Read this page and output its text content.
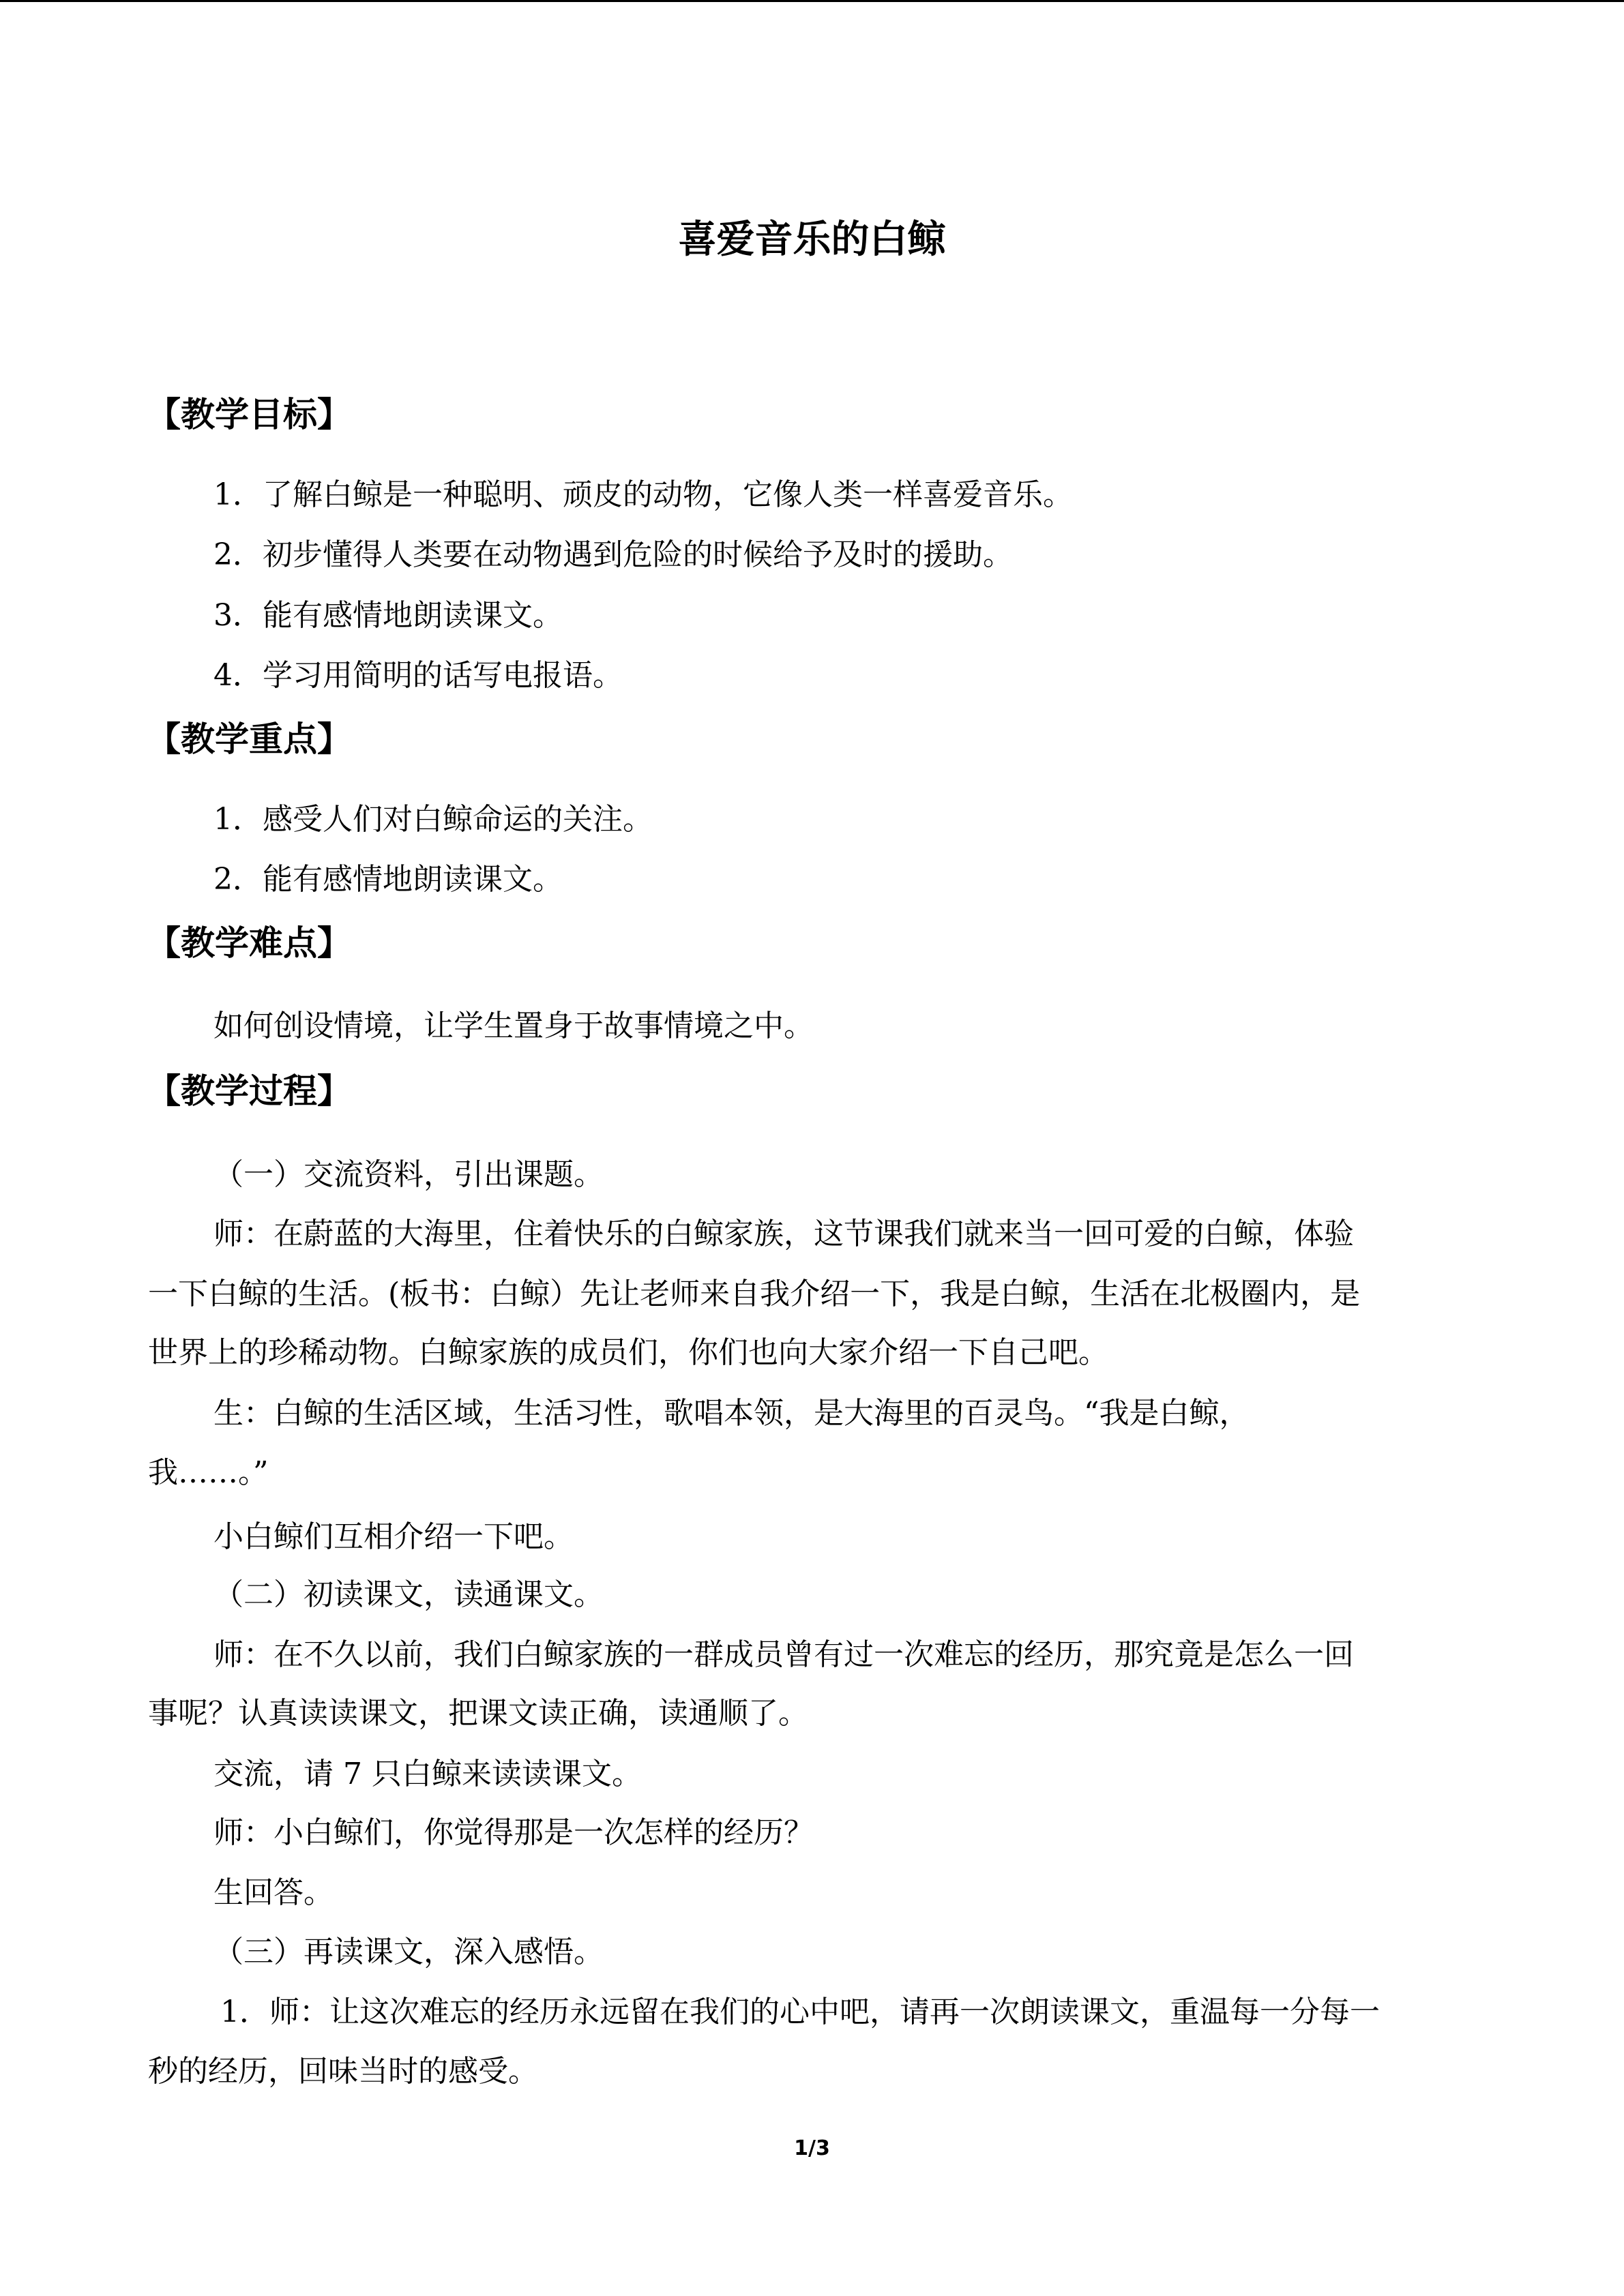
喜爱音乐的白鲸
【教学目标】

1．了解白鲸是一种聪明、顽皮的动物，它像人类一样喜爱音乐。

2．初步懂得人类要在动物遇到危险的时候给予及时的援助。

3．能有感情地朗读课文。

4．学习用简明的话写电报语。

【教学重点】

1．感受人们对白鲸命运的关注。

2．能有感情地朗读课文。

【教学难点】

如何创设情境，让学生置身于故事情境之中。

【教学过程】

（一）交流资料，引出课题。

师：在蔚蓝的大海里，住着快乐的白鲸家族，这节课我们就来当一回可爱的白鲸，体验

一下白鲸的生活。(板书：白鲸）先让老师来自我介绍一下，我是白鲸，生活在北极圈内，是

世界上的珍稀动物。白鲸家族的成员们，你们也向大家介绍一下自己吧。

生：白鲸的生活区域，生活习性，歌唱本领，是大海里的百灵鸟。“我是白鲸，

我……。”

小白鲸们互相介绍一下吧。

（二）初读课文，读通课文。

师：在不久以前，我们白鲸家族的一群成员曾有过一次难忘的经历，那究竟是怎么一回

事呢？认真读读课文，把课文读正确，读通顺了。

交流，请 7 只白鲸来读读课文。

师：小白鲸们，你觉得那是一次怎样的经历？

生回答。

（三）再读课文，深入感悟。

1．师：让这次难忘的经历永远留在我们的心中吧，请再一次朗读课文，重温每一分每一

秒的经历，回味当时的感受。

1/3
